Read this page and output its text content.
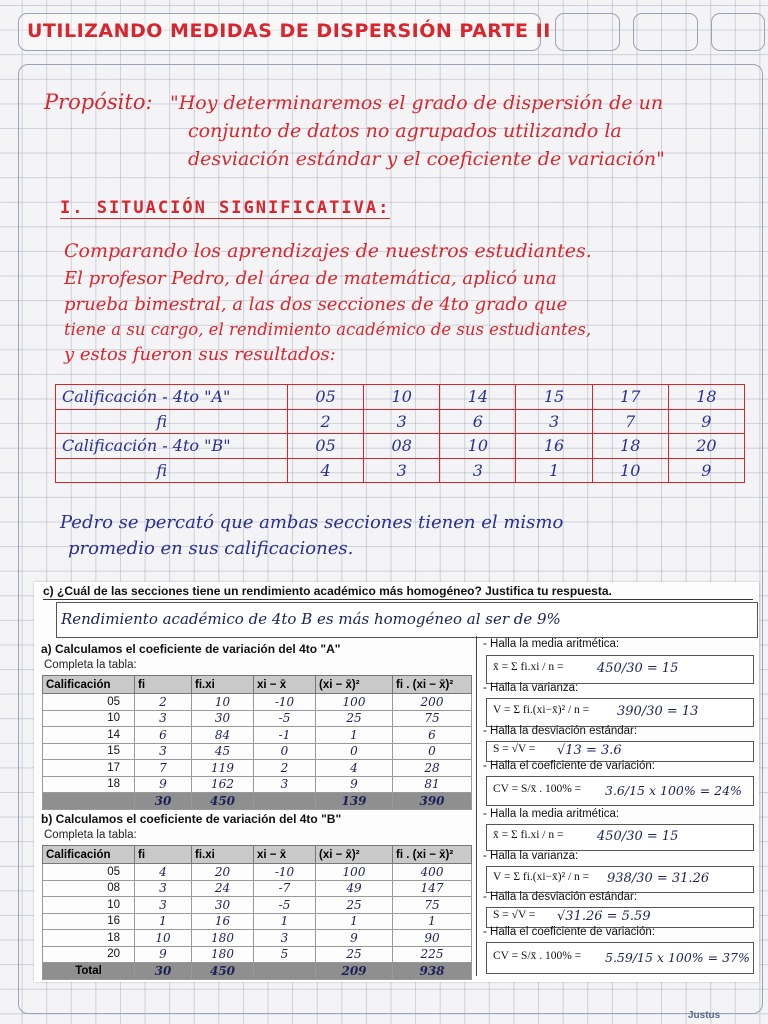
UTILIZANDO MEDIDAS DE DISPERSIÓN PARTE II
Propósito: "Hoy determinaremos el grado de dispersión de un
conjunto de datos no agrupados utilizando la
desviación estándar y el coeficiente de variación"
I. SITUACIÓN SIGNIFICATIVA:
Comparando los aprendizajes de nuestros estudiantes.
El profesor Pedro, del área de matemática, aplicó una
prueba bimestral, a las dos secciones de 4to grado que
tiene a su cargo, el rendimiento académico de sus estudiantes,
y estos fueron sus resultados:
Calificación - 4to "A"	05	10	14	15	17	18
fi	2	3	6	3	7	9
Calificación - 4to "B"	05	08	10	16	18	20
fi	4	3	3	1	10	9
Pedro se percató que ambas secciones tienen el mismo
promedio en sus calificaciones.
c) ¿Cuál de las secciones tiene un rendimiento académico más homogéneo? Justifica tu respuesta.
Rendimiento académico de 4to B es más homogéneo al ser de 9%
a) Calculamos el coeficiente de variación del 4to "A"
Completa la tabla:
Calificación	fi	fi.xi	xi − x̄	(xi − x̄)²	fi . (xi − x̄)²
05	2	10	-10	100	200
10	3	30	-5	25	75
14	6	84	-1	1	6
15	3	45	0	0	0
17	7	119	2	4	28
18	9	162	3	9	81
	30	450		139	390
b) Calculamos el coeficiente de variación del 4to "B"
Completa la tabla:
Calificación	fi	fi.xi	xi − x̄	(xi − x̄)²	fi . (xi − x̄)²
05	4	20	-10	100	400
08	3	24	-7	49	147
10	3	30	-5	25	75
16	1	16	1	1	1
18	10	180	3	9	90
20	9	180	5	25	225
Total	30	450		209	938
- Halla la media aritmética:
x̄ = Σ fi.xi / n =	450/30 = 15
- Halla la varianza:
V = Σ fi.(xi−x̄)² / n = 390/30 = 13
- Halla la desviación estándar:
S = √V = √13 = 3.6
- Halla el coeficiente de variación:
CV = S/x̄ . 100% = 3.6/15 x 100% = 24%
- Halla la media aritmética:
x̄ = Σ fi.xi / n =	450/30 = 15
- Halla la varianza:
V = Σ fi.(xi−x̄)² / n = 938/30 = 31.26
- Halla la desviación estándar:
S = √V = √31.26 = 5.59
- Halla el coeficiente de variación:
CV = S/x̄ . 100% = 5.59/15 x 100% = 37%
Justus
